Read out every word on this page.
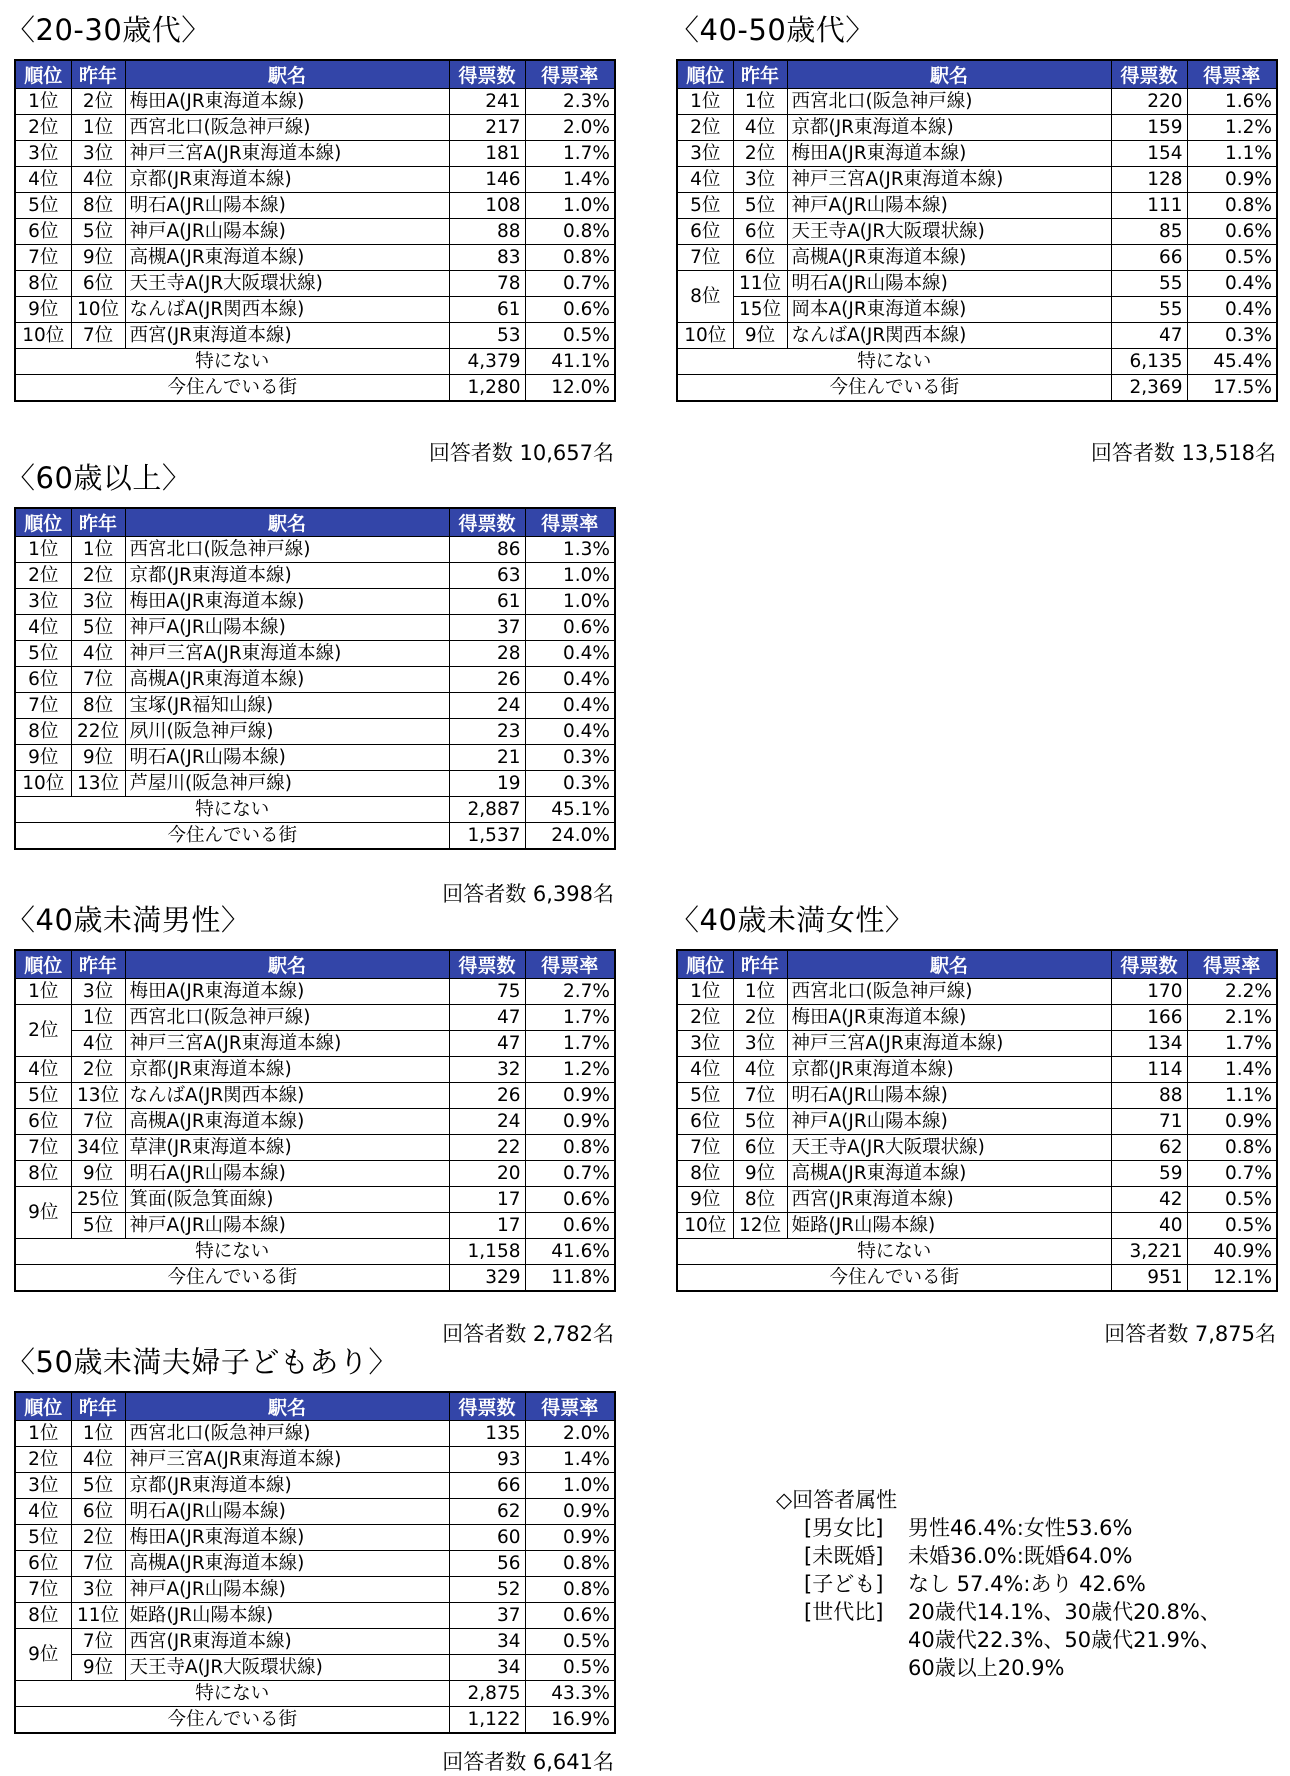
〈20-30歳代〉	〈40-50歳代〉
〈60歳以上〉
〈40歳未満男性〉	〈40歳未満女性〉
〈50歳未満夫婦子どもあり〉
順位	昨年	駅名	得票数	得票率
1位	2位	梅田A(JR東海道本線)	241	2.3%
2位	1位	西宮北口(阪急神戸線)	217	2.0%
3位	3位	神戸三宮A(JR東海道本線)	181	1.7%
4位	4位	京都(JR東海道本線)	146	1.4%
5位	8位	明石A(JR山陽本線)	108	1.0%
6位	5位	神戸A(JR山陽本線)	88	0.8%
7位	9位	高槻A(JR東海道本線)	83	0.8%
8位	6位	天王寺A(JR大阪環状線)	78	0.7%
9位	10位	なんばA(JR関西本線)	61	0.6%
10位	7位	西宮(JR東海道本線)	53	0.5%
特にない			4,379	41.1%
今住んでいる街			1,280	12.0%
順位	昨年	駅名	得票数	得票率
1位	1位	西宮北口(阪急神戸線)	220	1.6%
2位	4位	京都(JR東海道本線)	159	1.2%
3位	2位	梅田A(JR東海道本線)	154	1.1%
4位	3位	神戸三宮A(JR東海道本線)	128	0.9%
5位	5位	神戸A(JR山陽本線)	111	0.8%
6位	6位	天王寺A(JR大阪環状線)	85	0.6%
7位	6位	高槻A(JR東海道本線)	66	0.5%
8位	11位	明石A(JR山陽本線)	55	0.4%
	15位	岡本A(JR東海道本線)	55	0.4%
10位	9位	なんばA(JR関西本線)	47	0.3%
特にない			6,135	45.4%
今住んでいる街			2,369	17.5%
順位	昨年	駅名	得票数	得票率
1位	1位	西宮北口(阪急神戸線)	86	1.3%
2位	2位	京都(JR東海道本線)	63	1.0%
3位	3位	梅田A(JR東海道本線)	61	1.0%
4位	5位	神戸A(JR山陽本線)	37	0.6%
5位	4位	神戸三宮A(JR東海道本線)	28	0.4%
6位	7位	高槻A(JR東海道本線)	26	0.4%
7位	8位	宝塚(JR福知山線)	24	0.4%
8位	22位	夙川(阪急神戸線)	23	0.4%
9位	9位	明石A(JR山陽本線)	21	0.3%
10位	13位	芦屋川(阪急神戸線)	19	0.3%
特にない			2,887	45.1%
今住んでいる街			1,537	24.0%
順位	昨年	駅名	得票数	得票率
1位	3位	梅田A(JR東海道本線)	75	2.7%
2位	1位	西宮北口(阪急神戸線)	47	1.7%
	4位	神戸三宮A(JR東海道本線)	47	1.7%
4位	2位	京都(JR東海道本線)	32	1.2%
5位	13位	なんばA(JR関西本線)	26	0.9%
6位	7位	高槻A(JR東海道本線)	24	0.9%
7位	34位	草津(JR東海道本線)	22	0.8%
8位	9位	明石A(JR山陽本線)	20	0.7%
9位	25位	箕面(阪急箕面線)	17	0.6%
	5位	神戸A(JR山陽本線)	17	0.6%
特にない			1,158	41.6%
今住んでいる街			329	11.8%
順位	昨年	駅名	得票数	得票率
1位	1位	西宮北口(阪急神戸線)	170	2.2%
2位	2位	梅田A(JR東海道本線)	166	2.1%
3位	3位	神戸三宮A(JR東海道本線)	134	1.7%
4位	4位	京都(JR東海道本線)	114	1.4%
5位	7位	明石A(JR山陽本線)	88	1.1%
6位	5位	神戸A(JR山陽本線)	71	0.9%
7位	6位	天王寺A(JR大阪環状線)	62	0.8%
8位	9位	高槻A(JR東海道本線)	59	0.7%
9位	8位	西宮(JR東海道本線)	42	0.5%
10位	12位	姫路(JR山陽本線)	40	0.5%
特にない			3,221	40.9%
今住んでいる街			951	12.1%
順位	昨年	駅名	得票数	得票率
1位	1位	西宮北口(阪急神戸線)	135	2.0%
2位	4位	神戸三宮A(JR東海道本線)	93	1.4%
3位	5位	京都(JR東海道本線)	66	1.0%
4位	6位	明石A(JR山陽本線)	62	0.9%
5位	2位	梅田A(JR東海道本線)	60	0.9%
6位	7位	高槻A(JR東海道本線)	56	0.8%
7位	3位	神戸A(JR山陽本線)	52	0.8%
8位	11位	姫路(JR山陽本線)	37	0.6%
9位	7位	西宮(JR東海道本線)	34	0.5%
	9位	天王寺A(JR大阪環状線)	34	0.5%
特にない			2,875	43.3%
今住んでいる街			1,122	16.9%
回答者数 10,657名	回答者数 13,518名
回答者数 6,398名
回答者数 2,782名	回答者数 7,875名
回答者数 6,641名
◇回答者属性
[男女比]	男性46.4%:女性53.6%
[未既婚]	未婚36.0%:既婚64.0%
[子ども]	なし 57.4%:あり 42.6%
[世代比]	20歳代14.1%、30歳代20.8%、
40歳代22.3%、50歳代21.9%、
60歳以上20.9%
